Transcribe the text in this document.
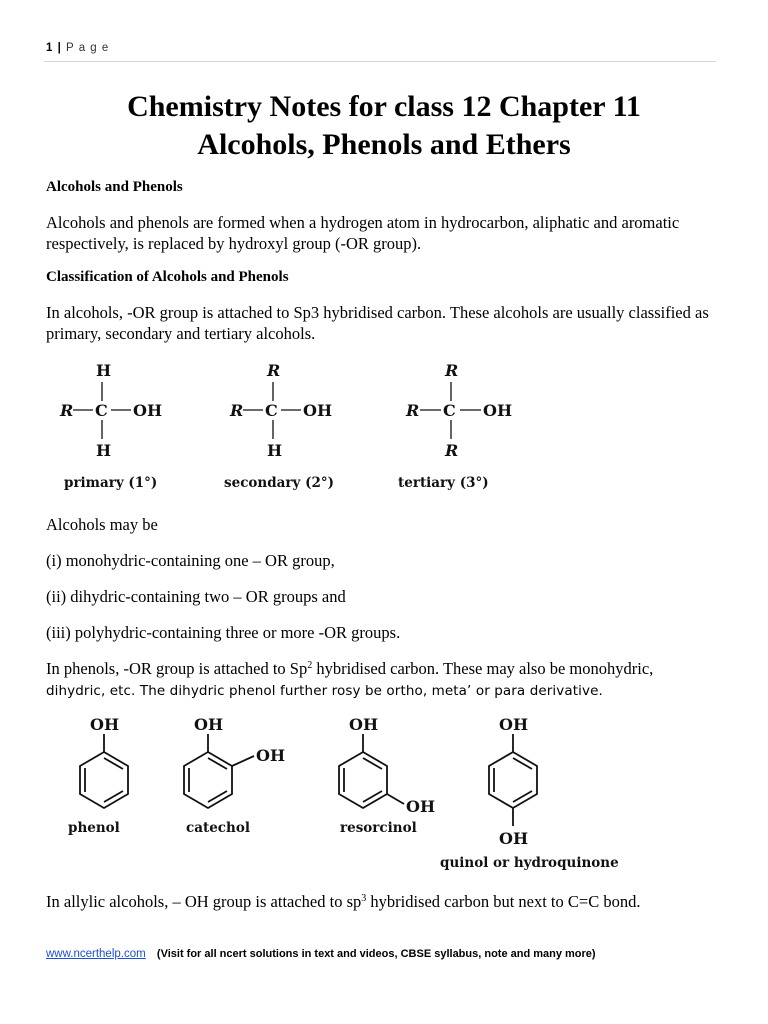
1 | P a g e
Chemistry Notes for class 12 Chapter 11
Alcohols, Phenols and Ethers
Alcohols and Phenols
Alcohols and phenols are formed when a hydrogen atom in hydrocarbon, aliphatic and aromatic respectively, is replaced by hydroxyl group (-OR group).
Classification of Alcohols and Phenols
In alcohols, -OR group is attached to Sp3 hybridised carbon. These alcohols are usually classified as primary, secondary and tertiary alcohols.
H
R C OH
H
R
R C OH
H
R
R C OH
R
primary (1°)	secondary (2°)	tertiary (3°)
Alcohols may be
(i) monohydric-containing one – OR group,
(ii) dihydric-containing two – OR groups and
(iii) polyhydric-containing three or more -OR groups.
In phenols, -OR group is attached to Sp$^2$ hybridised carbon. These may also be monohydric,
dihydric, etc. The dihydric phenol further rosy be ortho, meta’ or para derivative.
OH	OH
OH
OH
OH
OH
OH
phenol	catechol	resorcinol
quinol or hydroquinone
In allylic alcohols, – OH group is attached to $sp^3$ hybridised carbon but next to C=C bond.
www.ncerthelp.com (Visit for all ncert solutions in text and videos, CBSE syllabus, note and many more)
